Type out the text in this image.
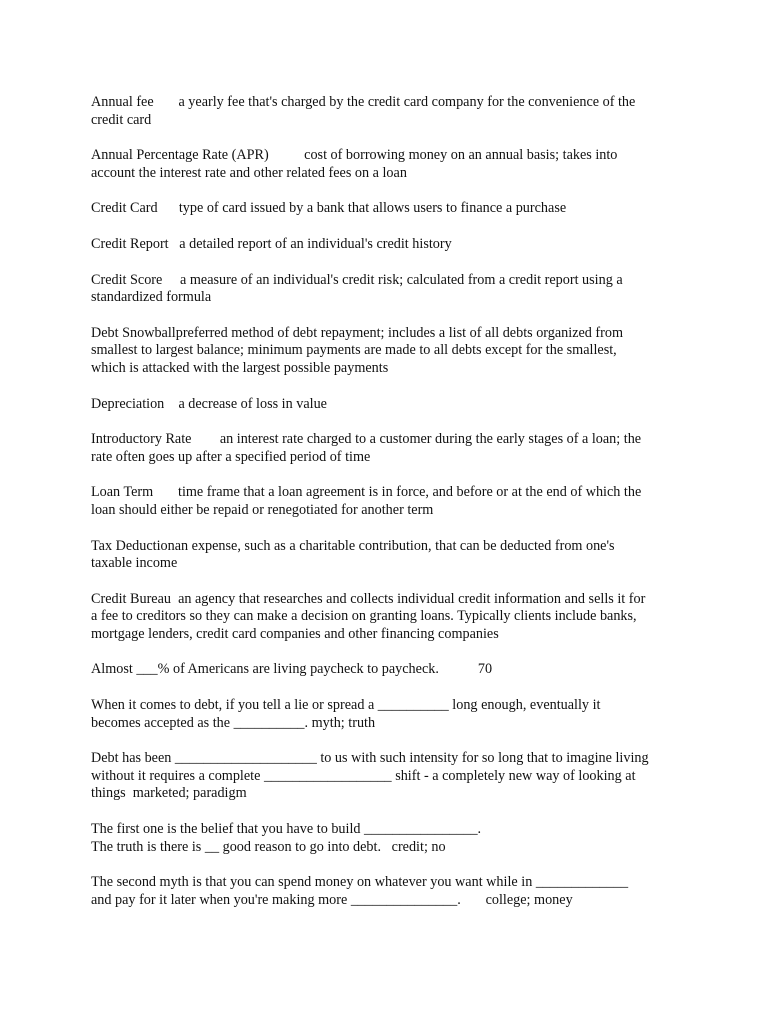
Annual fee       a yearly fee that's charged by the credit card company for the convenience of the
credit card
Annual Percentage Rate (APR)          cost of borrowing money on an annual basis; takes into
account the interest rate and other related fees on a loan
Credit Card      type of card issued by a bank that allows users to finance a purchase
Credit Report   a detailed report of an individual's credit history
Credit Score     a measure of an individual's credit risk; calculated from a credit report using a
standardized formula
Debt Snowballpreferred method of debt repayment; includes a list of all debts organized from
smallest to largest balance; minimum payments are made to all debts except for the smallest,
which is attacked with the largest possible payments
Depreciation    a decrease of loss in value
Introductory Rate        an interest rate charged to a customer during the early stages of a loan; the
rate often goes up after a specified period of time
Loan Term       time frame that a loan agreement is in force, and before or at the end of which the
loan should either be repaid or renegotiated for another term
Tax Deductionan expense, such as a charitable contribution, that can be deducted from one's
taxable income
Credit Bureau  an agency that researches and collects individual credit information and sells it for
a fee to creditors so they can make a decision on granting loans. Typically clients include banks,
mortgage lenders, credit card companies and other financing companies
Almost ___% of Americans are living paycheck to paycheck.           70
When it comes to debt, if you tell a lie or spread a __________ long enough, eventually it
becomes accepted as the __________. myth; truth
Debt has been ____________________ to us with such intensity for so long that to imagine living
without it requires a complete __________________ shift - a completely new way of looking at
things  marketed; paradigm
The first one is the belief that you have to build ________________.
The truth is there is __ good reason to go into debt.   credit; no
The second myth is that you can spend money on whatever you want while in _____________
and pay for it later when you're making more _______________.       college; money
